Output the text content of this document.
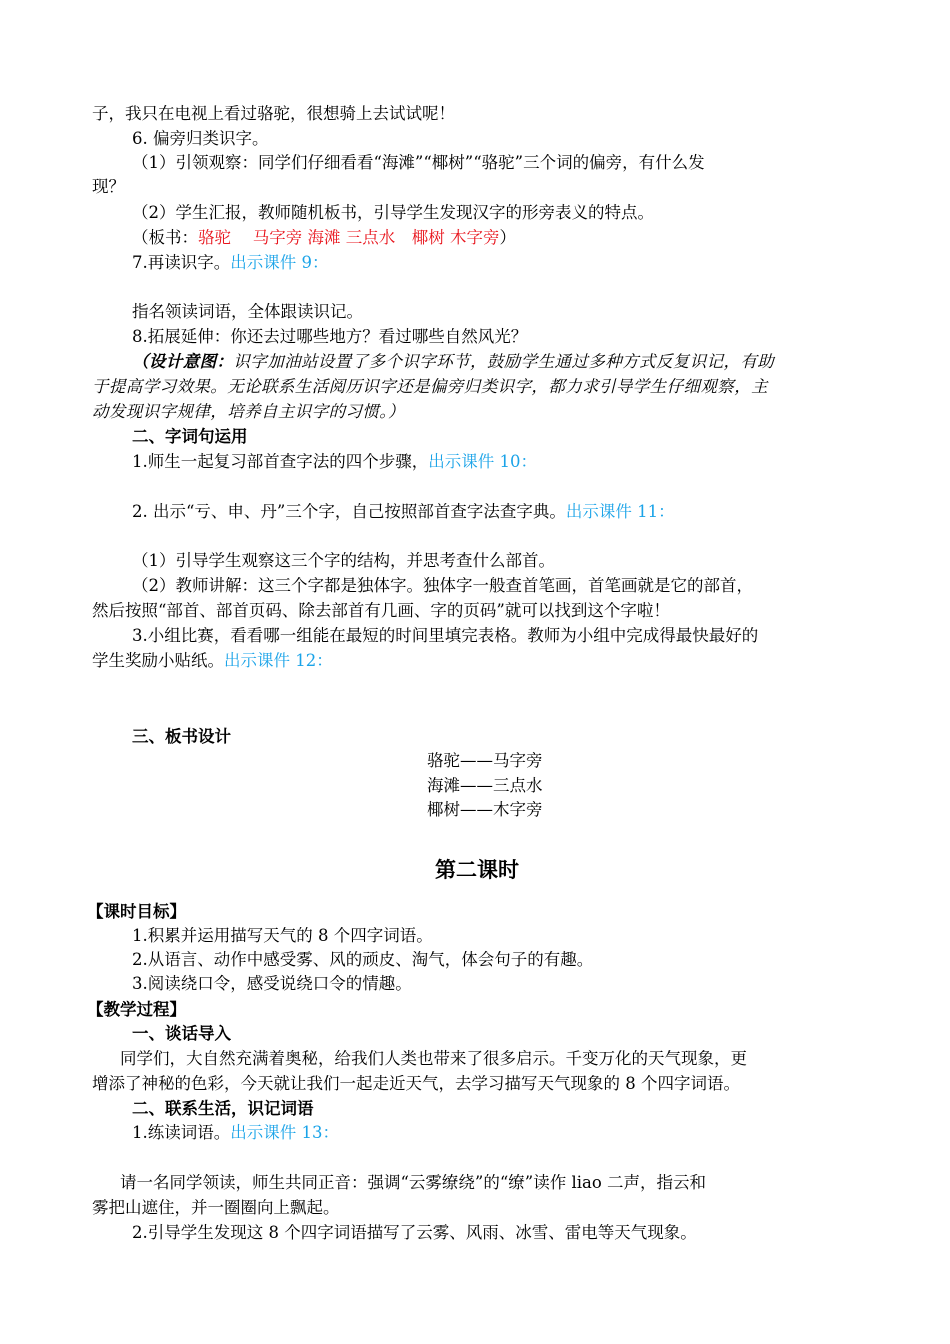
子，我只在电视上看过骆驼，很想骑上去试试呢！
6. 偏旁归类识字。
（1）引领观察：同学们仔细看看“海滩”“椰树”“骆驼”三个词的偏旁，有什么发
现？
（2）学生汇报，教师随机板书，引导学生发现汉字的形旁表义的特点。
（板书：骆驼　 马字旁 海滩 三点水　椰树 木字旁）
7.再读识字。出示课件 9：
指名领读词语，全体跟读识记。
8.拓展延伸：你还去过哪些地方？看过哪些自然风光？
（设计意图：识字加油站设置了多个识字环节，鼓励学生通过多种方式反复识记，有助
于提高学习效果。无论联系生活阅历识字还是偏旁归类识字，都力求引导学生仔细观察，主
动发现识字规律，培养自主识字的习惯。）
二、字词句运用
1.师生一起复习部首查字法的四个步骤，出示课件 10：
2. 出示“亏、申、丹”三个字，自己按照部首查字法查字典。出示课件 11：
（1）引导学生观察这三个字的结构，并思考查什么部首。
（2）教师讲解：这三个字都是独体字。独体字一般查首笔画，首笔画就是它的部首，
然后按照“部首、部首页码、除去部首有几画、字的页码”就可以找到这个字啦！
3.小组比赛，看看哪一组能在最短的时间里填完表格。教师为小组中完成得最快最好的
学生奖励小贴纸。出示课件 12：
三、板书设计
骆驼——马字旁
海滩——三点水
椰树——木字旁
第二课时
【课时目标】
1.积累并运用描写天气的 8 个四字词语。
2.从语言、动作中感受雾、风的顽皮、淘气，体会句子的有趣。
3.阅读绕口令，感受说绕口令的情趣。
【教学过程】
一、谈话导入
同学们，大自然充满着奥秘，给我们人类也带来了很多启示。千变万化的天气现象，更
增添了神秘的色彩，今天就让我们一起走近天气，去学习描写天气现象的 8 个四字词语。
二、联系生活，识记词语
1.练读词语。出示课件 13：
请一名同学领读，师生共同正音：强调“云雾缭绕”的“缭”读作 liao 二声，指云和
雾把山遮住，并一圈圈向上飘起。
2.引导学生发现这 8 个四字词语描写了云雾、风雨、冰雪、雷电等天气现象。
